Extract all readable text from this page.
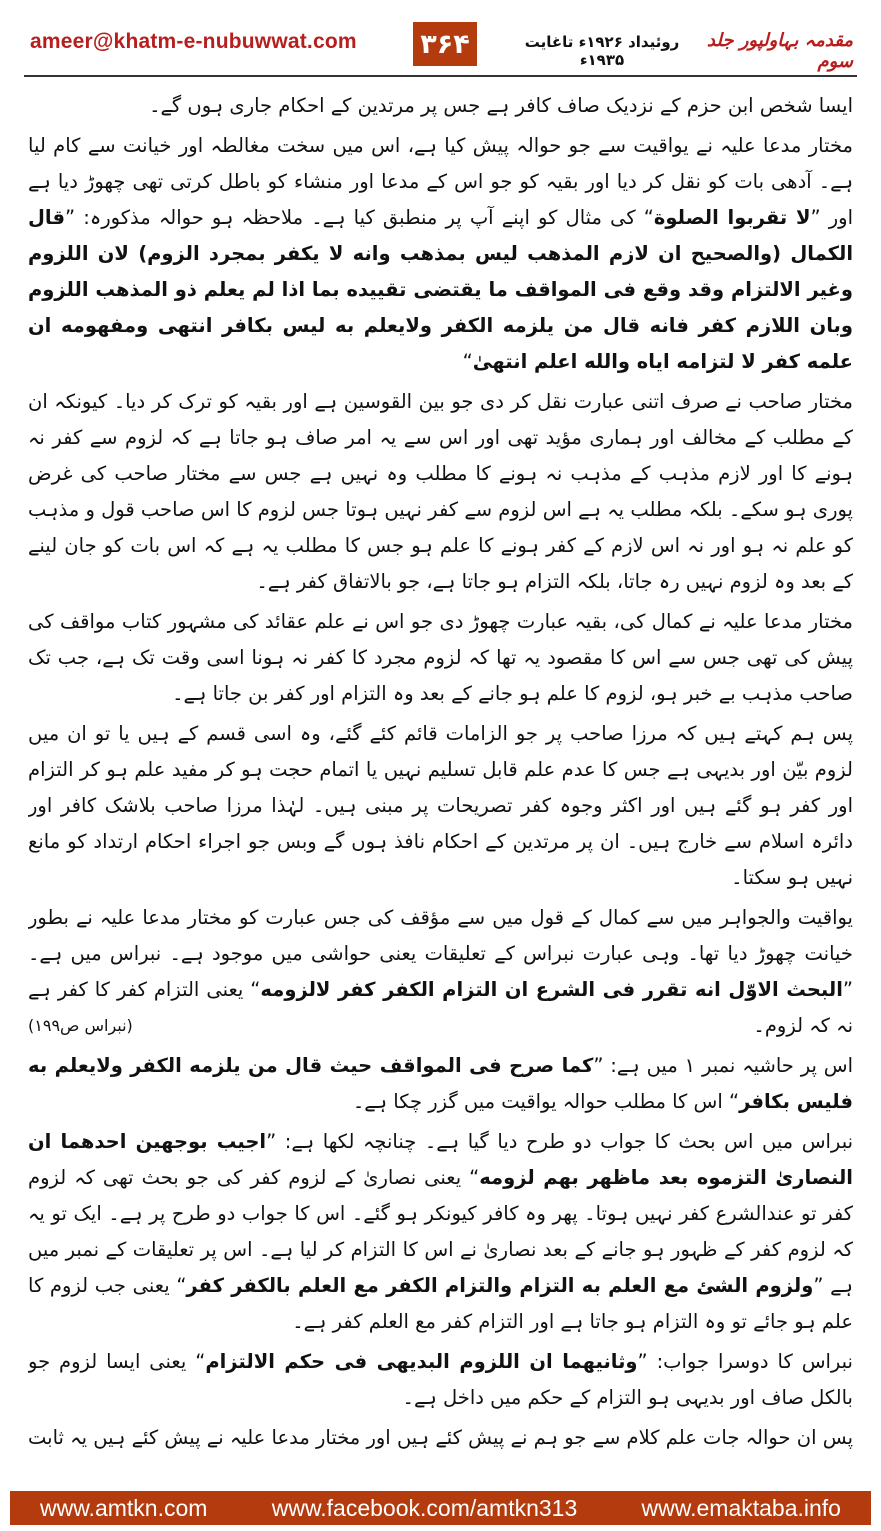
ameer@khatm-e-nubuwwat.com ۳۶۴	روئیداد ۱۹۲۶ء تاغایت ۱۹۳۵ء
مقدمہ بہاولپور جلد سوم

ایسا شخص ابن حزم کے نزدیک صاف کافر ہے جس پر مرتدین کے احکام جاری ہوں گے۔

مختار مدعا علیہ نے یواقیت سے جو حوالہ پیش کیا ہے، اس میں سخت مغالطہ اور خیانت سے کام لیا ہے۔ آدھی بات کو نقل کر دیا اور بقیہ کو جو اس کے مدعا اور منشاء کو باطل کرتی تھی چھوڑ دیا ہے اور ”لا تقربوا الصلوة“ کی مثال کو اپنے آپ پر منطبق کیا ہے۔ ملاحظہ ہو حوالہ مذکورہ: ”قال الکمال (والصحیح ان لازم المذهب لیس بمذهب وانه لا یکفر بمجرد الزوم) لان اللزوم وغیر الالتزام وقد وقع فی المواقف ما یقتضی تقییده بما اذا لم یعلم ذو المذهب اللزوم وبان اللازم کفر فانه قال من یلزمه الکفر ولایعلم به لیس بکافر انتهی ومفهومه ان علمه کفر لا لتزامه ایاه والله اعلم انتهیٰ“

مختار صاحب نے صرف اتنی عبارت نقل کر دی جو بین القوسین ہے اور بقیہ کو ترک کر دیا۔ کیونکہ ان کے مطلب کے مخالف اور ہماری مؤید تھی اور اس سے یہ امر صاف ہو جاتا ہے کہ لزوم سے کفر نہ ہونے کا اور لازم مذہب کے مذہب نہ ہونے کا مطلب وہ نہیں ہے جس سے مختار صاحب کی غرض پوری ہو سکے۔ بلکہ مطلب یہ ہے اس لزوم سے کفر نہیں ہوتا جس لزوم کا اس صاحب قول و مذہب کو علم نہ ہو اور نہ اس لازم کے کفر ہونے کا علم ہو جس کا مطلب یہ ہے کہ اس بات کو جان لینے کے بعد وہ لزوم نہیں رہ جاتا، بلکہ التزام ہو جاتا ہے، جو بالاتفاق کفر ہے۔

مختار مدعا علیہ نے کمال کی، بقیہ عبارت چھوڑ دی جو اس نے علم عقائد کی مشہور کتاب مواقف کی پیش کی تھی جس سے اس کا مقصود یہ تھا کہ لزوم مجرد کا کفر نہ ہونا اسی وقت تک ہے، جب تک صاحب مذہب بے خبر ہو، لزوم کا علم ہو جانے کے بعد وہ التزام اور کفر بن جاتا ہے۔

پس ہم کہتے ہیں کہ مرزا صاحب پر جو الزامات قائم کئے گئے، وہ اسی قسم کے ہیں یا تو ان میں لزوم بیّن اور بدیہی ہے جس کا عدم علم قابل تسلیم نہیں یا اتمام حجت ہو کر مفید علم ہو کر التزام اور کفر ہو گئے ہیں اور اکثر وجوہ کفر تصریحات پر مبنی ہیں۔ لہٰذا مرزا صاحب بلاشک کافر اور دائرہ اسلام سے خارج ہیں۔ ان پر مرتدین کے احکام نافذ ہوں گے وبس جو اجراء احکام ارتداد کو مانع نہیں ہو سکتا۔

یواقیت والجواہر میں سے کمال کے قول میں سے مؤقف کی جس عبارت کو مختار مدعا علیہ نے بطور خیانت چھوڑ دیا تھا۔ وہی عبارت نبراس کے تعلیقات یعنی حواشی میں موجود ہے۔ نبراس میں ہے۔ ”البحث الاوّل انه تقرر فی الشرع ان التزام الکفر کفر لالزومه“ یعنی التزام کفر کا کفر ہے نہ کہ لزوم۔
(نبراس ص۱۹۹)

اس پر حاشیہ نمبر ۱ میں ہے: ”کما صرح فی المواقف حیث قال من یلزمه الکفر ولایعلم به فلیس بکافر“ اس کا مطلب حوالہ یواقیت میں گزر چکا ہے۔

نبراس میں اس بحث کا جواب دو طرح دیا گیا ہے۔ چنانچہ لکھا ہے: ”اجیب بوجهین احدهما ان النصاریٰ التزموه بعد ماظهر بهم لزومه“ یعنی نصاریٰ کے لزوم کفر کی جو بحث تھی کہ لزوم کفر تو عندالشرع کفر نہیں ہوتا۔ پھر وہ کافر کیونکر ہو گئے۔ اس کا جواب دو طرح پر ہے۔ ایک تو یہ کہ لزوم کفر کے ظہور ہو جانے کے بعد نصاریٰ نے اس کا التزام کر لیا ہے۔ اس پر تعلیقات کے نمبر میں ہے ”ولزوم الشئ مع العلم به التزام والتزام الکفر مع العلم بالکفر کفر“ یعنی جب لزوم کا علم ہو جائے تو وہ التزام ہو جاتا ہے اور التزام کفر مع العلم کفر ہے۔

نبراس کا دوسرا جواب: ”وثانیهما ان اللزوم البدیهی فی حکم الالتزام“ یعنی ایسا لزوم جو بالکل صاف اور بدیہی ہو التزام کے حکم میں داخل ہے۔

پس ان حوالہ جات علم کلام سے جو ہم نے پیش کئے ہیں اور مختار مدعا علیہ نے پیش کئے ہیں یہ ثابت

www.amtkn.com	www.facebook.com/amtkn313	www.emaktaba.info
